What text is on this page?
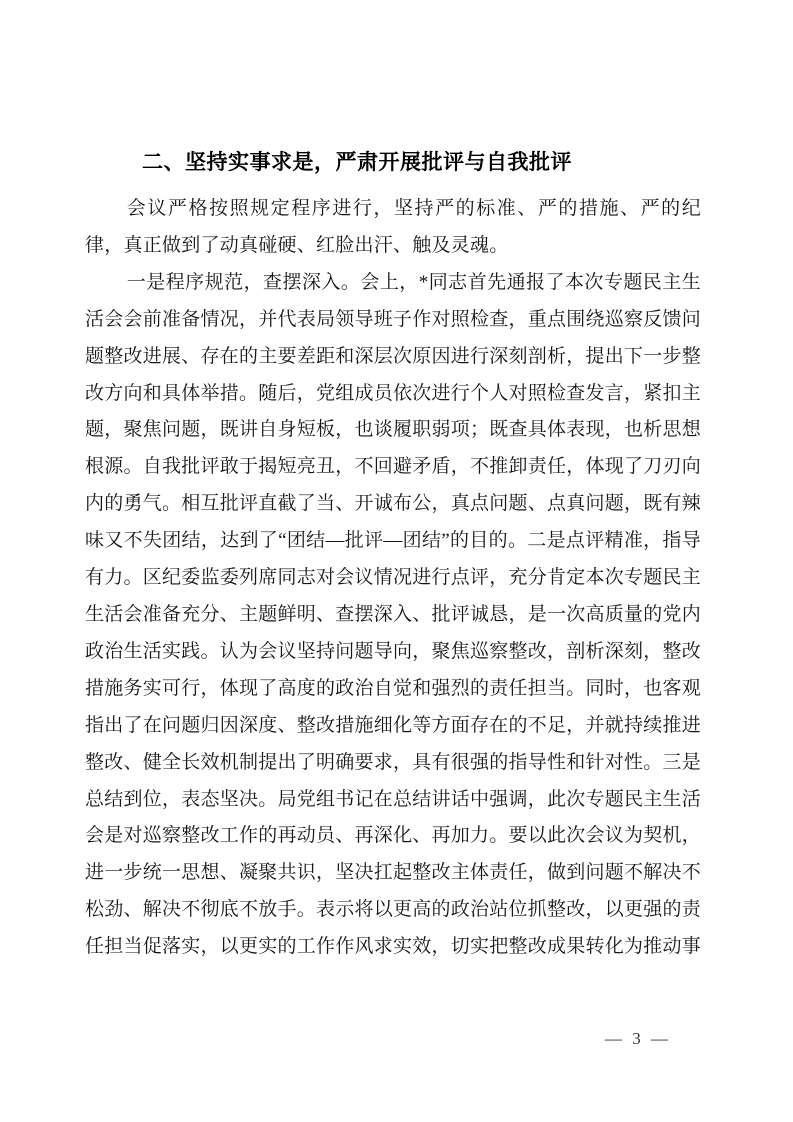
二、坚持实事求是，严肃开展批评与自我批评

会议严格按照规定程序进行，坚持严的标准、严的措施、严的纪律，真正做到了动真碰硬、红脸出汗、触及灵魂。

一是程序规范，查摆深入。会上，*同志首先通报了本次专题民主生活会会前准备情况，并代表局领导班子作对照检查，重点围绕巡察反馈问题整改进展、存在的主要差距和深层次原因进行深刻剖析，提出下一步整改方向和具体举措。随后，党组成员依次进行个人对照检查发言，紧扣主题，聚焦问题，既讲自身短板，也谈履职弱项；既查具体表现，也析思想根源。自我批评敢于揭短亮丑，不回避矛盾，不推卸责任，体现了刀刃向内的勇气。相互批评直截了当、开诚布公，真点问题、点真问题，既有辣味又不失团结，达到了“团结—批评—团结”的目的。二是点评精准，指导有力。区纪委监委列席同志对会议情况进行点评，充分肯定本次专题民主生活会准备充分、主题鲜明、查摆深入、批评诚恳，是一次高质量的党内政治生活实践。认为会议坚持问题导向，聚焦巡察整改，剖析深刻，整改措施务实可行，体现了高度的政治自觉和强烈的责任担当。同时，也客观指出了在问题归因深度、整改措施细化等方面存在的不足，并就持续推进整改、健全长效机制提出了明确要求，具有很强的指导性和针对性。三是总结到位，表态坚决。局党组书记在总结讲话中强调，此次专题民主生活会是对巡察整改工作的再动员、再深化、再加力。要以此次会议为契机，进一步统一思想、凝聚共识，坚决扛起整改主体责任，做到问题不解决不松劲、解决不彻底不放手。表示将以更高的政治站位抓整改，以更强的责任担当促落实，以更实的工作作风求实效，切实把整改成果转化为推动事

— 3 —
